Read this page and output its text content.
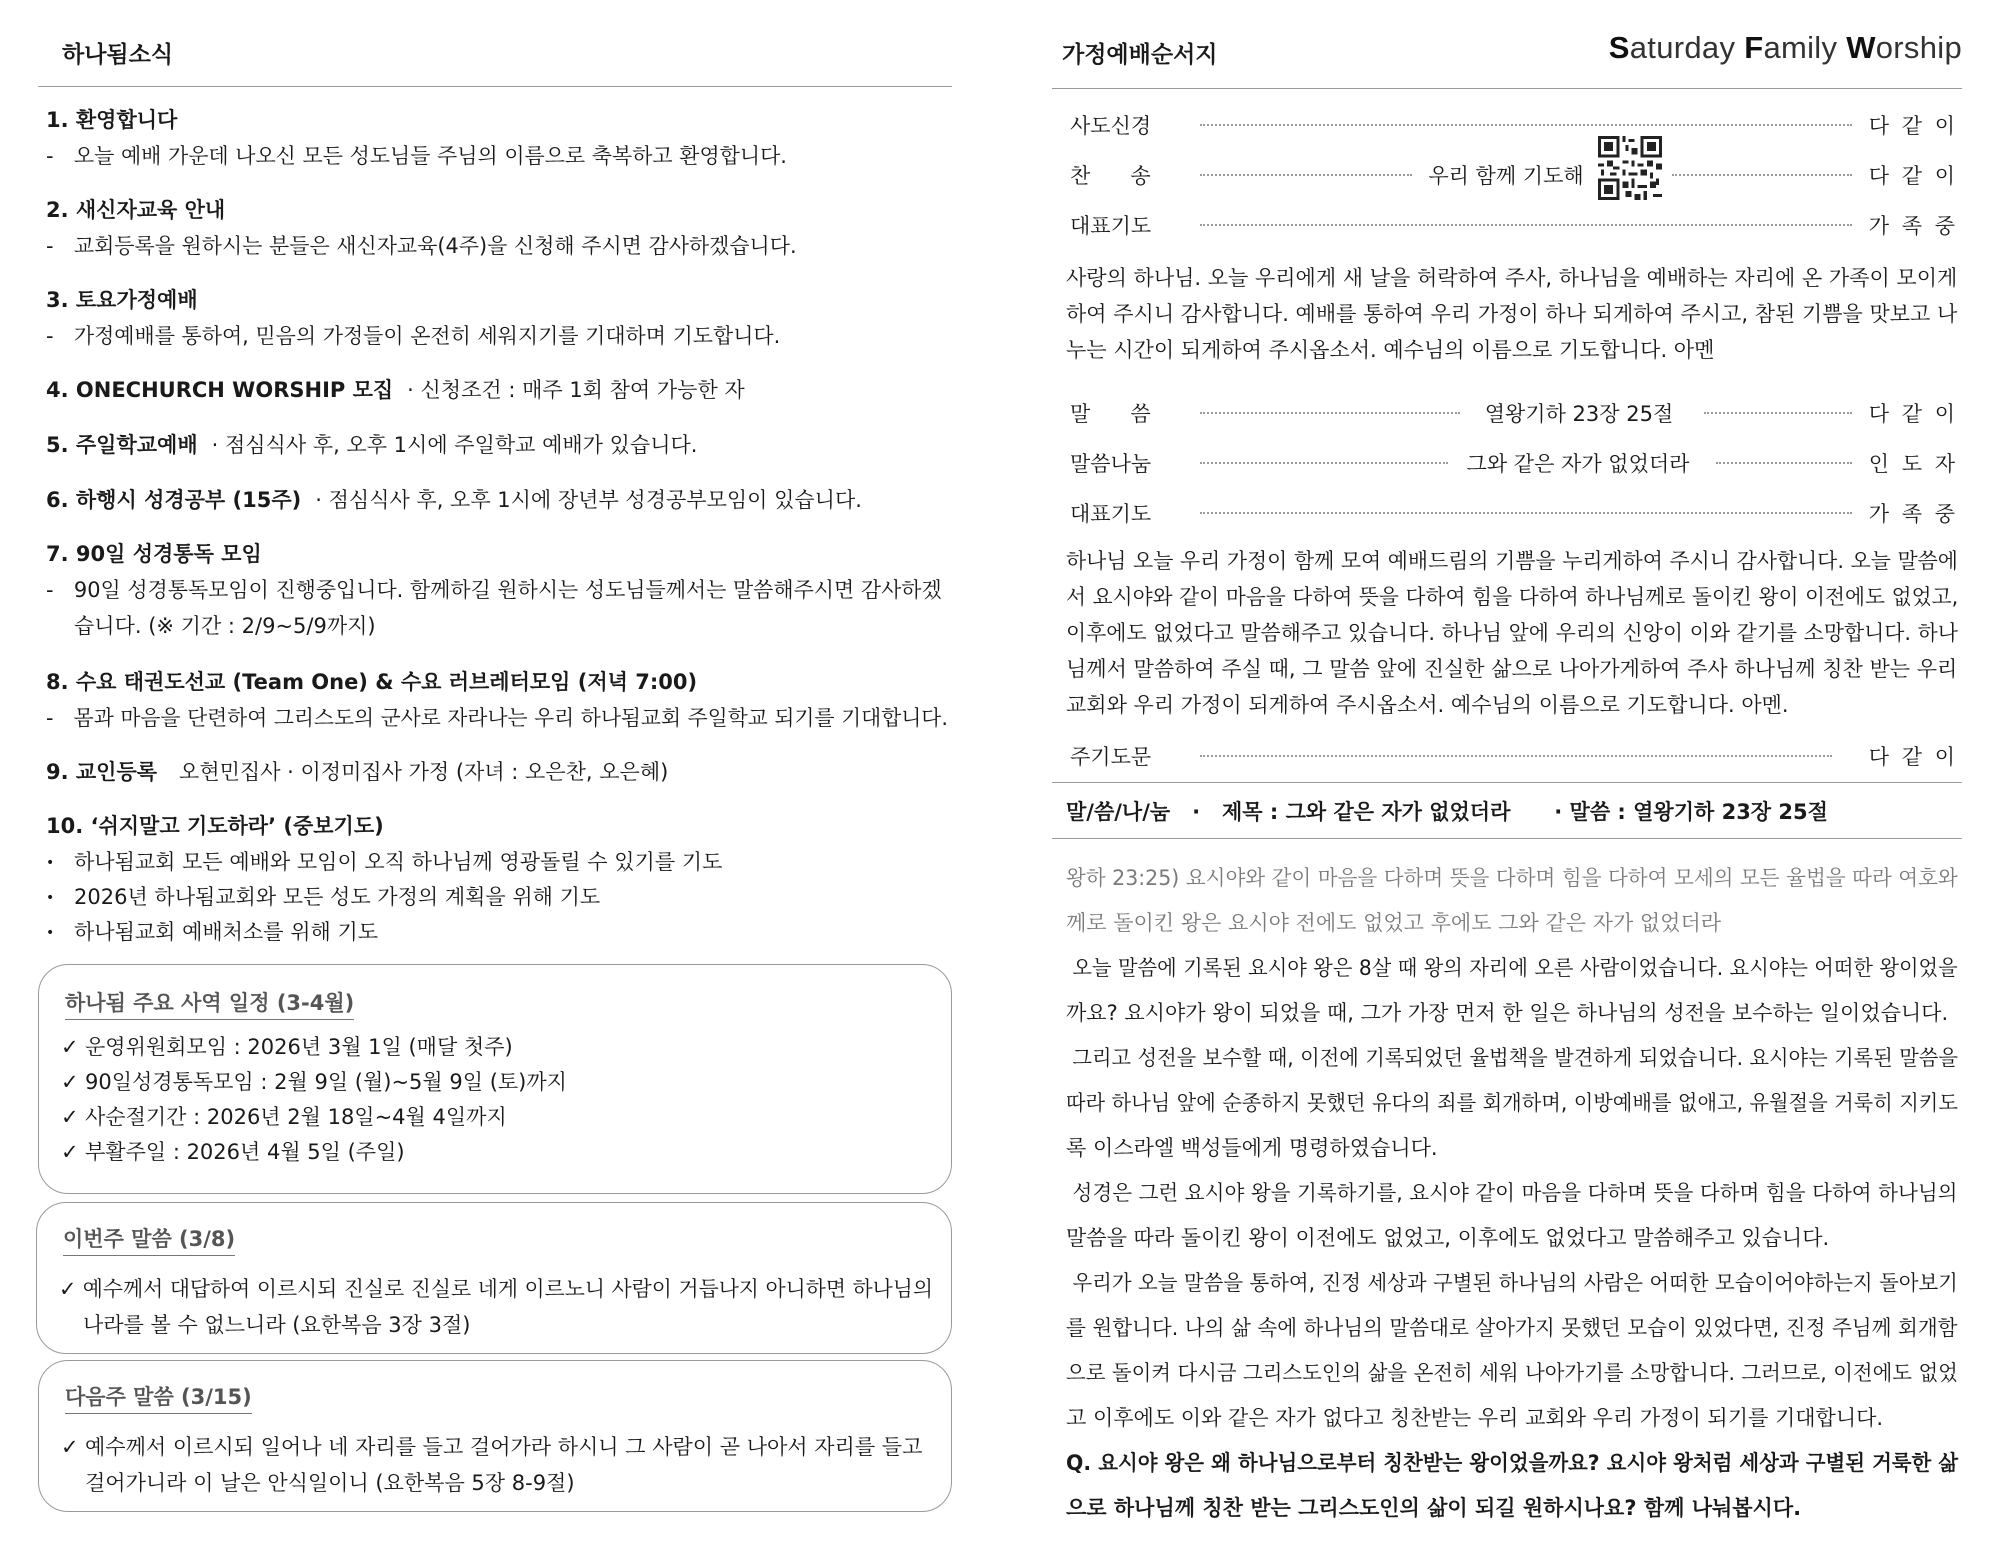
하나됨소식
1. 환영합니다
- 오늘 예배 가운데 나오신 모든 성도님들 주님의 이름으로 축복하고 환영합니다.
2. 새신자교육 안내
- 교회등록을 원하시는 분들은 새신자교육(4주)을 신청해 주시면 감사하겠습니다.
3. 토요가정예배
- 가정예배를 통하여, 믿음의 가정들이 온전히 세워지기를 기대하며 기도합니다.
4. ONECHURCH WORSHIP 모집 · 신청조건 : 매주 1회 참여 가능한 자
5. 주일학교예배 · 점심식사 후, 오후 1시에 주일학교 예배가 있습니다.
6. 하행시 성경공부 (15주) · 점심식사 후, 오후 1시에 장년부 성경공부모임이 있습니다.
7. 90일 성경통독 모임
- 90일 성경통독모임이 진행중입니다. 함께하길 원하시는 성도님들께서는 말씀해주시면 감사하겠
습니다. (※ 기간 : 2/9~5/9까지)
8. 수요 태권도선교 (Team One) & 수요 러브레터모임 (저녁 7:00)
- 몸과 마음을 단련하여 그리스도의 군사로 자라나는 우리 하나됨교회 주일학교 되기를 기대합니다.
9. 교인등록 오현민집사 · 이정미집사 가정 (자녀 : 오은찬, 오은혜)
10. ‘쉬지말고 기도하라’ (중보기도)
• 하나됨교회 모든 예배와 모임이 오직 하나님께 영광돌릴 수 있기를 기도
• 2026년 하나됨교회와 모든 성도 가정의 계획을 위해 기도
• 하나됨교회 예배처소를 위해 기도
하나됨 주요 사역 일정 (3-4월)
✓ 운영위원회모임 : 2026년 3월 1일 (매달 첫주)
✓ 90일성경통독모임 : 2월 9일 (월)~5월 9일 (토)까지
✓ 사순절기간 : 2026년 2월 18일~4월 4일까지
✓ 부활주일 : 2026년 4월 5일 (주일)
이번주 말씀 (3/8)
✓ 예수께서 대답하여 이르시되 진실로 진실로 네게 이르노니 사람이 거듭나지 아니하면 하나님의
나라를 볼 수 없느니라 (요한복음 3장 3절)
다음주 말씀 (3/15)
✓ 예수께서 이르시되 일어나 네 자리를 들고 걸어가라 하시니 그 사람이 곧 나아서 자리를 들고
걸어가니라 이 날은 안식일이니 (요한복음 5장 8-9절)
가정예배순서지	Saturday Family Worship
사도신경	다 같 이
찬      송	우리 함께 기도해	다 같 이
대표기도	가 족 중
사랑의 하나님. 오늘 우리에게 새 날을 허락하여 주사, 하나님을 예배하는 자리에 온 가족이 모이게
하여 주시니 감사합니다. 예배를 통하여 우리 가정이 하나 되게하여 주시고, 참된 기쁨을 맛보고 나
누는 시간이 되게하여 주시옵소서. 예수님의 이름으로 기도합니다. 아멘
말      씀	열왕기하 23장 25절	다 같 이
말씀나눔	그와 같은 자가 없었더라	인 도 자
대표기도	가 족 중
하나님 오늘 우리 가정이 함께 모여 예배드림의 기쁨을 누리게하여 주시니 감사합니다. 오늘 말씀에
서 요시야와 같이 마음을 다하여 뜻을 다하여 힘을 다하여 하나님께로 돌이킨 왕이 이전에도 없었고,
이후에도 없었다고 말씀해주고 있습니다. 하나님 앞에 우리의 신앙이 이와 같기를 소망합니다. 하나
님께서 말씀하여 주실 때, 그 말씀 앞에 진실한 삶으로 나아가게하여 주사 하나님께 칭찬 받는 우리
교회와 우리 가정이 되게하여 주시옵소서. 예수님의 이름으로 기도합니다. 아멘.
주기도문	다 같 이
말/씀/나/눔   ·   제목 : 그와 같은 자가 없었더라      · 말씀 : 열왕기하 23장 25절
왕하 23:25) 요시야와 같이 마음을 다하며 뜻을 다하며 힘을 다하여 모세의 모든 율법을 따라 여호와
께로 돌이킨 왕은 요시야 전에도 없었고 후에도 그와 같은 자가 없었더라
오늘 말씀에 기록된 요시야 왕은 8살 때 왕의 자리에 오른 사람이었습니다. 요시야는 어떠한 왕이었을
까요? 요시야가 왕이 되었을 때, 그가 가장 먼저 한 일은 하나님의 성전을 보수하는 일이었습니다.
그리고 성전을 보수할 때, 이전에 기록되었던 율법책을 발견하게 되었습니다. 요시야는 기록된 말씀을
따라 하나님 앞에 순종하지 못했던 유다의 죄를 회개하며, 이방예배를 없애고, 유월절을 거룩히 지키도
록 이스라엘 백성들에게 명령하였습니다.
성경은 그런 요시야 왕을 기록하기를, 요시야 같이 마음을 다하며 뜻을 다하며 힘을 다하여 하나님의
말씀을 따라 돌이킨 왕이 이전에도 없었고, 이후에도 없었다고 말씀해주고 있습니다.
우리가 오늘 말씀을 통하여, 진정 세상과 구별된 하나님의 사람은 어떠한 모습이어야하는지 돌아보기
를 원합니다. 나의 삶 속에 하나님의 말씀대로 살아가지 못했던 모습이 있었다면, 진정 주님께 회개함
으로 돌이켜 다시금 그리스도인의 삶을 온전히 세워 나아가기를 소망합니다. 그러므로, 이전에도 없었
고 이후에도 이와 같은 자가 없다고 칭찬받는 우리 교회와 우리 가정이 되기를 기대합니다.
Q. 요시야 왕은 왜 하나님으로부터 칭찬받는 왕이었을까요? 요시야 왕처럼 세상과 구별된 거룩한 삶
으로 하나님께 칭찬 받는 그리스도인의 삶이 되길 원하시나요? 함께 나눠봅시다.
